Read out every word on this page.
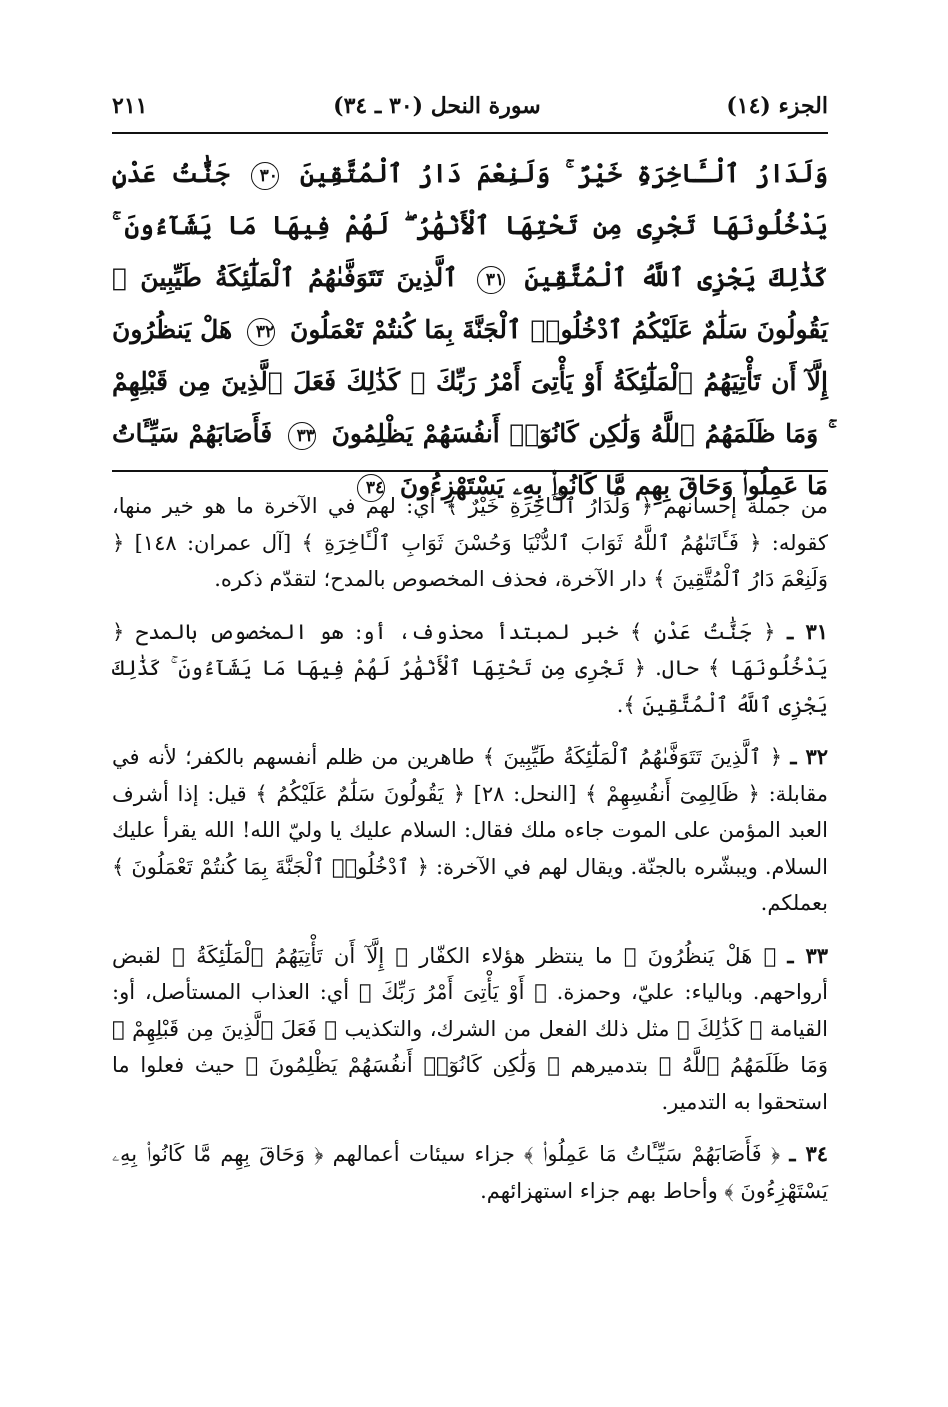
الجزء (١٤)
سورة النحل (٣٠ ـ ٣٤)
٢١١
وَلَدَارُ ٱلْـَٔاخِرَةِ خَيْرٌ ۚ وَلَنِعْمَ دَارُ ٱلْمُتَّقِينَ ٣٠ جَنَّٰتُ عَدْنٍ يَدْخُلُونَهَا تَجْرِى مِن تَحْتِهَا ٱلْأَنْهَٰرُ ۖ لَهُمْ فِيهَا مَا يَشَآءُونَ ۚ كَذَٰلِكَ يَجْزِى ٱللَّهُ ٱلْمُتَّقِينَ ٣١ ٱلَّذِينَ تَتَوَفَّىٰهُمُ ٱلْمَلَٰٓئِكَةُ طَيِّبِينَ ۙ يَقُولُونَ سَلَٰمٌ عَلَيْكُمُ ٱدْخُلُوا۟ ٱلْجَنَّةَ بِمَا كُنتُمْ تَعْمَلُونَ ٣٢ هَلْ يَنظُرُونَ إِلَّآ أَن تَأْتِيَهُمُ ٱلْمَلَٰٓئِكَةُ أَوْ يَأْتِىَ أَمْرُ رَبِّكَ ۚ كَذَٰلِكَ فَعَلَ ٱلَّذِينَ مِن قَبْلِهِمْ ۚ وَمَا ظَلَمَهُمُ ٱللَّهُ وَلَٰكِن كَانُوٓا۟ أَنفُسَهُمْ يَظْلِمُونَ ٣٣ فَأَصَابَهُمْ سَيِّـَٔاتُ مَا عَمِلُوا۟ وَحَاقَ بِهِم مَّا كَانُوا۟ بِهِۦ يَسْتَهْزِءُونَ ٣٤

من جملة إحسانهم ﴿ وَلَدَارُ ٱلْـَٔاخِرَةِ خَيْرٌ ﴾ أي: لهم في الآخرة ما هو خير منها، كقوله: ﴿ فَـَٔاتَىٰهُمُ ٱللَّهُ ثَوَابَ ٱلدُّنْيَا وَحُسْنَ ثَوَابِ ٱلْـَٔاخِرَةِ ﴾ [آل عمران: ١٤٨] ﴿ وَلَنِعْمَ دَارُ ٱلْمُتَّقِينَ ﴾ دار الآخرة، فحذف المخصوص بالمدح؛ لتقدّم ذكره.

٣١ ـ ﴿ جَنَّٰتُ عَدْنٍ ﴾ خبر لمبتدأ محذوف، أو: هو المخصوص بالمدح ﴿ يَدْخُلُونَهَا ﴾ حال. ﴿ تَجْرِى مِن تَحْتِهَا ٱلْأَنْهَٰرُ لَهُمْ فِيهَا مَا يَشَآءُونَ ۚ كَذَٰلِكَ يَجْزِى ٱللَّهُ ٱلْمُتَّقِينَ ﴾.

٣٢ ـ ﴿ ٱلَّذِينَ تَتَوَفَّىٰهُمُ ٱلْمَلَٰٓئِكَةُ طَيِّبِينَ ﴾ طاهرين من ظلم أنفسهم بالكفر؛ لأنه في مقابلة: ﴿ ظَالِمِىٓ أَنفُسِهِمْ ﴾ [النحل: ٢٨] ﴿ يَقُولُونَ سَلَٰمٌ عَلَيْكُمُ ﴾ قيل: إذا أشرف العبد المؤمن على الموت جاءه ملك فقال: السلام عليك يا وليّ الله! الله يقرأ عليك السلام. ويبشّره بالجنّة. ويقال لهم في الآخرة: ﴿ ٱدْخُلُوا۟ ٱلْجَنَّةَ بِمَا كُنتُمْ تَعْمَلُونَ ﴾ بعملكم.

٣٣ ـ ﴿ هَلْ يَنظُرُونَ ﴾ ما ينتظر هؤلاء الكفّار ﴿ إِلَّآ أَن تَأْتِيَهُمُ ٱلْمَلَٰٓئِكَةُ ﴾ لقبض أرواحهم. وبالياء: عليّ، وحمزة. ﴿ أَوْ يَأْتِىَ أَمْرُ رَبِّكَ ﴾ أي: العذاب المستأصل، أو: القيامة ﴿ كَذَٰلِكَ ﴾ مثل ذلك الفعل من الشرك، والتكذيب ﴿ فَعَلَ ٱلَّذِينَ مِن قَبْلِهِمْ ۚ وَمَا ظَلَمَهُمُ ٱللَّهُ ﴾ بتدميرهم ﴿ وَلَٰكِن كَانُوٓا۟ أَنفُسَهُمْ يَظْلِمُونَ ﴾ حيث فعلوا ما استحقوا به التدمير.

٣٤ ـ ﴿ فَأَصَابَهُمْ سَيِّـَٔاتُ مَا عَمِلُوا۟ ﴾ جزاء سيئات أعمالهم ﴿ وَحَاقَ بِهِم مَّا كَانُوا۟ بِهِۦ يَسْتَهْزِءُونَ ﴾ وأحاط بهم جزاء استهزائهم.
